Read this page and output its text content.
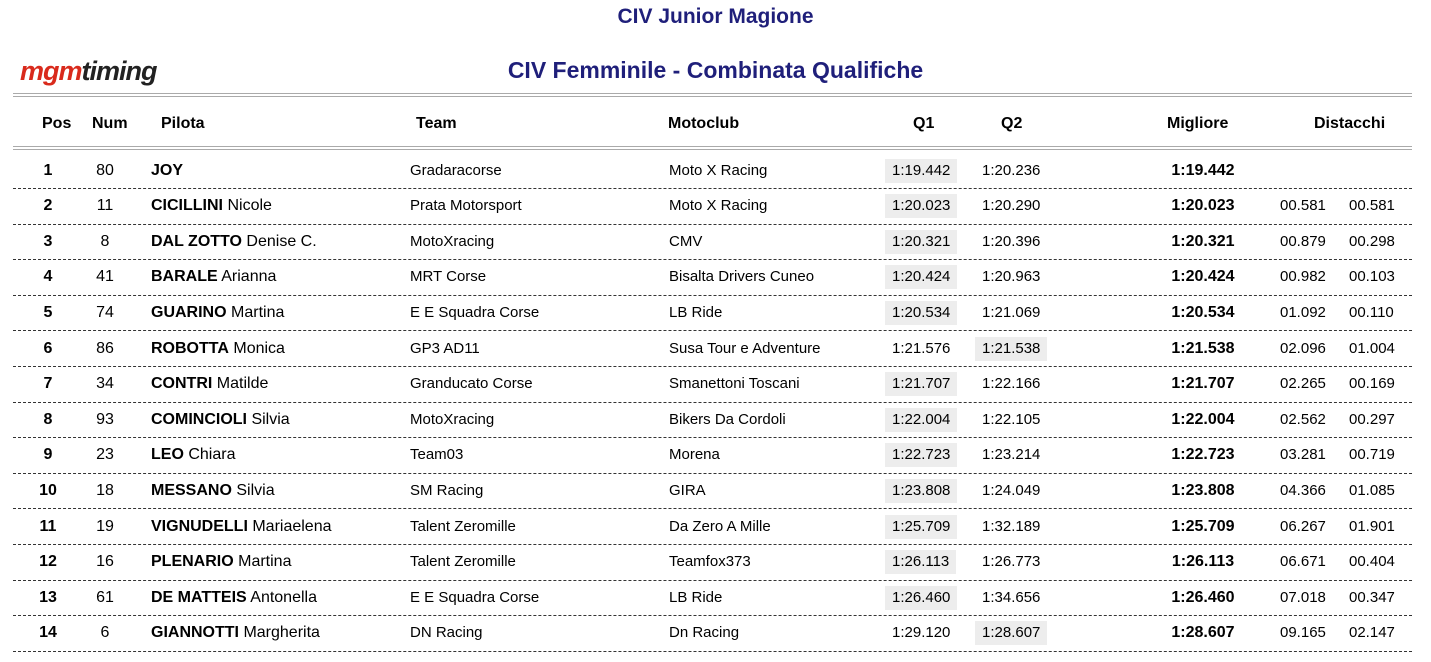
CIV Junior Magione
mgmtiming	CIV Femminile - Combinata Qualifiche
Pos Num Pilota	Team	Motoclub	Q1	Q2	Migliore	Distacchi
1	80	JOY	Gradaracorse	Moto X Racing	1:19.442	1:20.236	1:19.442
2	11	CICILLINI Nicole	Prata Motorsport	Moto X Racing	1:20.023	1:20.290	1:20.023	00.581 00.581
3	8	DAL ZOTTO Denise C.	MotoXracing	CMV	1:20.321	1:20.396	1:20.321	00.879 00.298
4	41	BARALE Arianna	MRT Corse	Bisalta Drivers Cuneo	1:20.424	1:20.963	1:20.424	00.982 00.103
5	74	GUARINO Martina	E E Squadra Corse	LB Ride	1:20.534	1:21.069	1:20.534	01.092 00.110
6	86	ROBOTTA Monica	GP3 AD11	Susa Tour e Adventure	1:21.576	1:21.538	1:21.538	02.096 01.004
7	34	CONTRI Matilde	Granducato Corse	Smanettoni Toscani	1:21.707	1:22.166	1:21.707	02.265 00.169
8	93	COMINCIOLI Silvia	MotoXracing	Bikers Da Cordoli	1:22.004	1:22.105	1:22.004	02.562 00.297
9	23	LEO Chiara	Team03	Morena	1:22.723	1:23.214	1:22.723	03.281 00.719
10	18	MESSANO Silvia	SM Racing	GIRA	1:23.808	1:24.049	1:23.808	04.366 01.085
11	19	VIGNUDELLI Mariaelena	Talent Zeromille	Da Zero A Mille	1:25.709	1:32.189	1:25.709	06.267 01.901
12	16	PLENARIO Martina	Talent Zeromille	Teamfox373	1:26.113	1:26.773	1:26.113	06.671 00.404
13	61	DE MATTEIS Antonella	E E Squadra Corse	LB Ride	1:26.460	1:34.656	1:26.460	07.018 00.347
14	6	GIANNOTTI Margherita	DN Racing	Dn Racing	1:29.120	1:28.607	1:28.607	09.165 02.147
